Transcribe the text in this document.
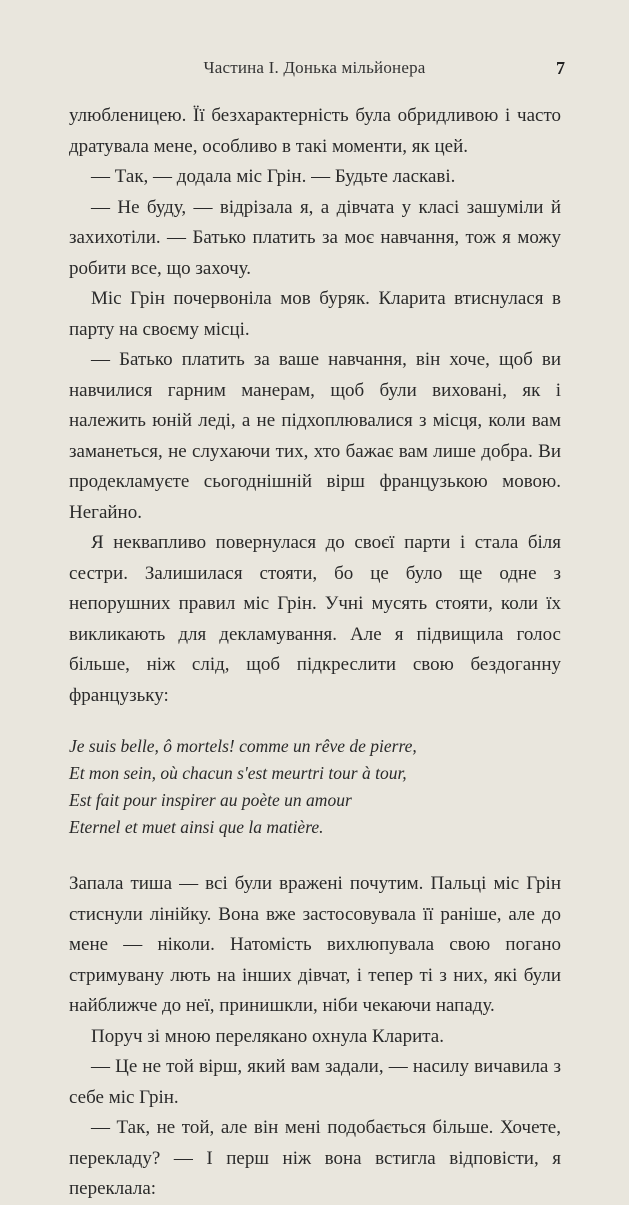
Частина І. Донька мільйонера	7

улюбленицею. Її безхарактерність була обридливою і часто дратувала мене, особливо в такі моменти, як цей.

— Так, — додала міс Грін. — Будьте ласкаві.

— Не буду, — відрізала я, а дівчата у класі зашуміли й захихотіли. — Батько платить за моє навчання, тож я можу робити все, що захочу.

Міс Грін почервоніла мов буряк. Кларита втиснулася в парту на своєму місці.

— Батько платить за ваше навчання, він хоче, щоб ви навчилися гарним манерам, щоб були виховані, як і належить юній леді, а не підхоплювалися з місця, коли вам заманеться, не слухаючи тих, хто бажає вам лише добра. Ви продекламуєте сьогоднішній вірш французькою мовою. Негайно.

Я неквапливо повернулася до своєї парти і стала біля сестри. Залишилася стояти, бо це було ще одне з непорушних правил міс Грін. Учні мусять стояти, коли їх викликають для декламування. Але я підвищила голос більше, ніж слід, щоб підкреслити свою бездоганну французьку:

Je suis belle, ô mortels! comme un rêve de pierre,
Et mon sein, où chacun s'est meurtri tour à tour,
Est fait pour inspirer au poète un amour
Eternel et muet ainsi que la matière.

Запала тиша — всі були вражені почутим. Пальці міс Грін стиснули лінійку. Вона вже застосовувала її раніше, але до мене — ніколи. Натомість вихлюпувала свою погано стримувану лють на інших дівчат, і тепер ті з них, які були найближче до неї, принишкли, ніби чекаючи нападу.

Поруч зі мною перелякано охнула Кларита.

— Це не той вірш, який вам задали, — насилу вичавила з себе міс Грін.

— Так, не той, але він мені подобається більше. Хочете, перекладу? — І перш ніж вона встигла відповісти, я переклала:
